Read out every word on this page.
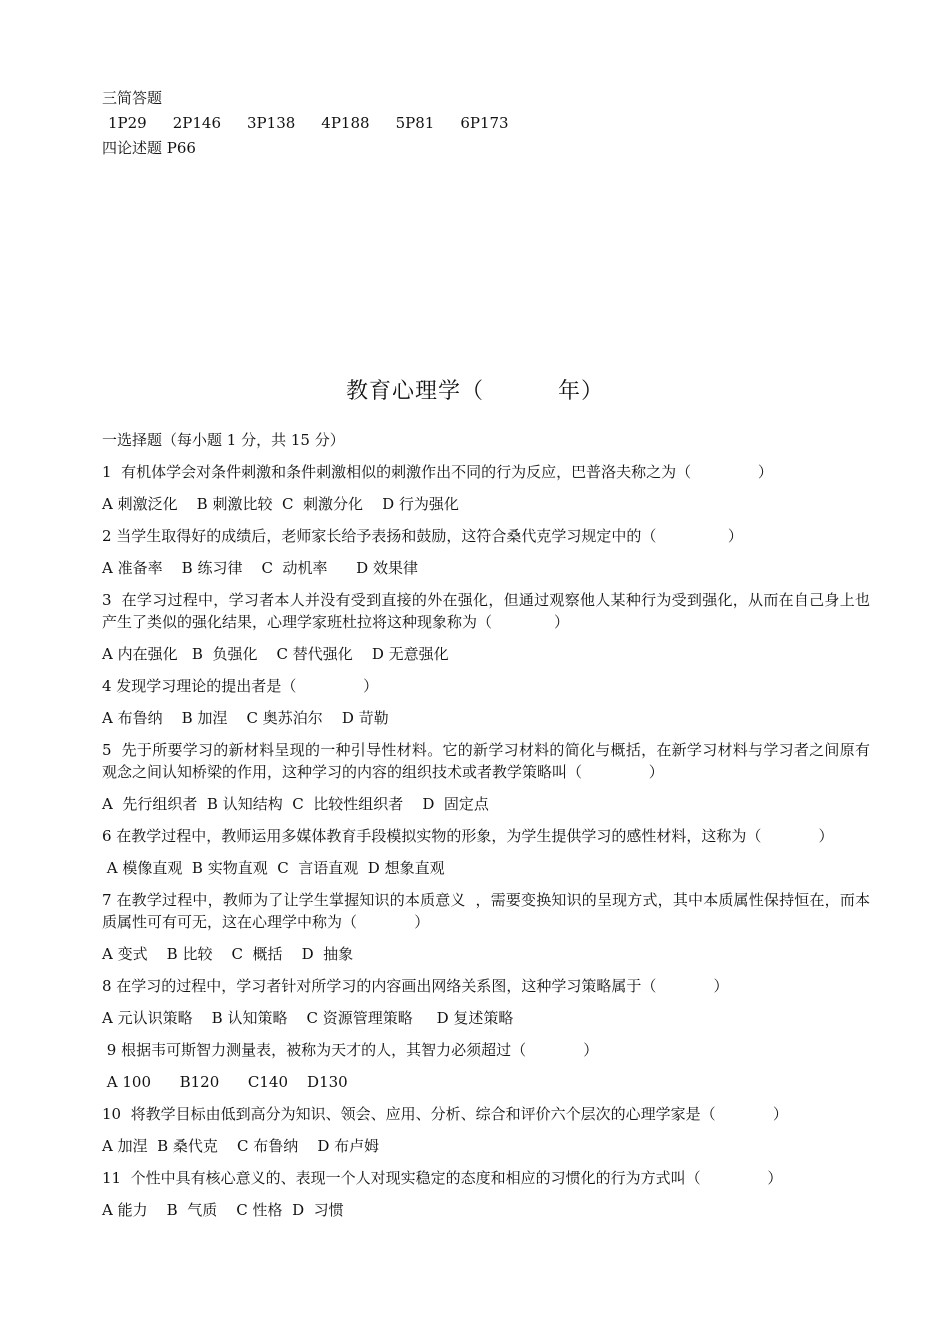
三简答题
1P29 2P146 3P138 4P188 5P81 6P173
四论述题 P66
教育心理学（	年）

一选择题（每小题 1 分，共 15 分）

1  有机体学会对条件刺激和条件刺激相似的刺激作出不同的行为反应，巴普洛夫称之为（              ）

A 刺激泛化    B 刺激比较  C  刺激分化    D 行为强化

2 当学生取得好的成绩后，老师家长给予表扬和鼓励，这符合桑代克学习规定中的（               ）

A 准备率    B 练习律    C  动机率      D 效果律

3  在学习过程中，学习者本人并没有受到直接的外在强化，但通过观察他人某种行为受到强化，从而在自己身上也产生了类似的强化结果，心理学家班杜拉将这种现象称为（             ）

A 内在强化   B  负强化    C 替代强化    D 无意强化

4 发现学习理论的提出者是（              ）

A 布鲁纳    B 加涅    C 奥苏泊尔    D 苛勒

5  先于所要学习的新材料呈现的一种引导性材料。它的新学习材料的简化与概括，在新学习材料与学习者之间原有观念之间认知桥梁的作用，这种学习的内容的组织技术或者教学策略叫（              ）

A  先行组织者  B 认知结构  C  比较性组织者    D  固定点

6 在教学过程中，教师运用多媒体教育手段模拟实物的形象，为学生提供学习的感性材料，这称为（            ）

A 模像直观  B 实物直观  C  言语直观  D 想象直观

7 在教学过程中，教师为了让学生掌握知识的本质意义  ，需要变换知识的呈现方式，其中本质属性保持恒在，而本质属性可有可无，这在心理学中称为（            ）

A 变式    B 比较    C  概括    D  抽象

8 在学习的过程中，学习者针对所学习的内容画出网络关系图，这种学习策略属于（            ）

A 元认识策略    B 认知策略    C 资源管理策略     D 复述策略

9 根据韦可斯智力测量表，被称为天才的人，其智力必须超过（            ）

A 100      B120      C140    D130

10  将教学目标由低到高分为知识、领会、应用、分析、综合和评价六个层次的心理学家是（            ）

A 加涅  B 桑代克    C 布鲁纳    D 布卢姆

11  个性中具有核心意义的、表现一个人对现实稳定的态度和相应的习惯化的行为方式叫（              ）

A 能力    B  气质    C 性格  D  习惯
